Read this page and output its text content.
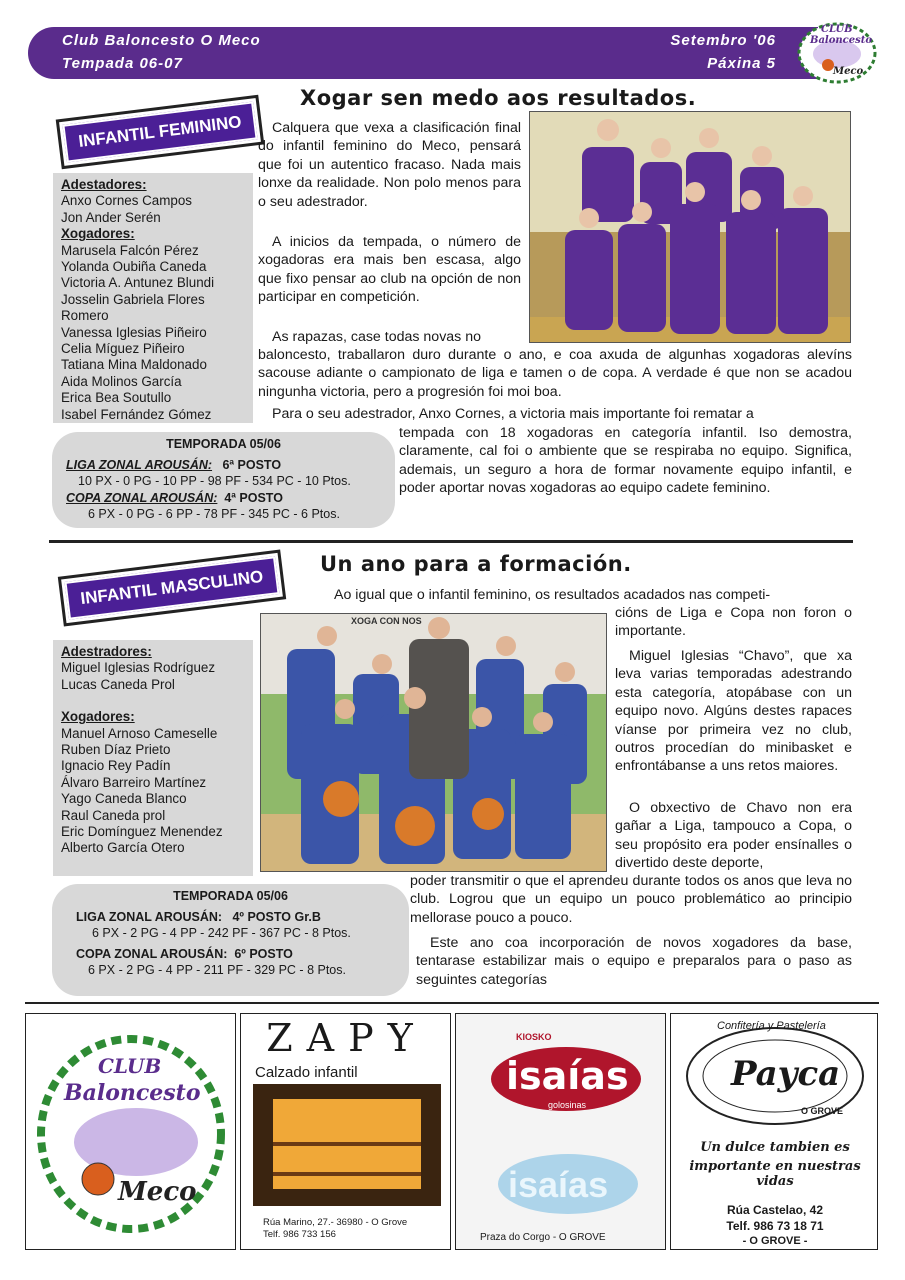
Club Baloncesto O Meco
Tempada 06-07
Setembro '06
Páxina 5
CLUB
Baloncesto
Meco
Xogar sen medo aos resultados.
INFANTIL FEMININO
Adestadores:
Anxo Cornes Campos
Jon Ander Serén
Xogadores:
Marusela Falcón Pérez
Yolanda Oubiña Caneda
Victoria A. Antunez Blundi
Josselin Gabriela Flores
Romero
Vanessa Iglesias Piñeiro
Celia Míguez Piñeiro
Tatiana Mina Maldonado
Aida Molinos García
Erica Bea Soutullo
Isabel Fernández Gómez
TEMPORADA 05/06
LIGA ZONAL AROUSÁN: 6ª POSTO
10 PX - 0 PG - 10 PP - 98 PF - 534 PC - 10 Ptos.
COPA ZONAL AROUSÁN: 4ª POSTO
6 PX - 0 PG - 6 PP - 78 PF - 345 PC - 6 Ptos.

Calquera que vexa a clasificación final do infantil feminino do Meco, pensará que foi un autentico fracaso. Nada mais lonxe da realidade. Non polo menos para o seu adestrador.

A inicios da tempada, o número de xogadoras era mais ben escasa, algo que fixo pensar ao club na opción de non participar en competición.

As rapazas, case todas novas no

baloncesto, traballaron duro durante o ano, e coa axuda de algunhas xogadoras alevíns sacouse adiante o campionato de liga e tamen o de copa. A verdade é que non se acadou ningunha victoria, pero a progresión foi moi boa.

Para o seu adestrador, Anxo Cornes, a victoria mais importante foi rematar a

tempada con 18 xogadoras en categoría infantil. Iso demostra, claramente, cal foi o ambiente que se respiraba no equipo. Significa, ademais, un seguro a hora de formar novamente equipo infantil, e poder aportar novas xogadoras ao equipo cadete feminino.
Un ano para a formación.
INFANTIL MASCULINO
Adestradores:
Miguel Iglesias Rodríguez
Lucas Caneda Prol
Xogadores:
Manuel Arnoso Cameselle
Ruben Díaz Prieto
Ignacio Rey Padín
Álvaro Barreiro Martínez
Yago Caneda Blanco
Raul Caneda prol
Eric Domínguez Menendez
Alberto García Otero
TEMPORADA 05/06
LIGA ZONAL AROUSÁN: 4º POSTO Gr.B
6 PX - 2 PG - 4 PP - 242 PF - 367 PC - 8 Ptos.
COPA ZONAL AROUSÁN: 6º POSTO
6 PX - 2 PG - 4 PP - 211 PF - 329 PC - 8 Ptos.
XOGA CON NOS
Ao igual que o infantil feminino, os resultados acadados nas competi-
cións de Liga e Copa non foron o importante.

Miguel Iglesias “Chavo”, que xa leva varias temporadas adestrando esta categoría, atopábase con un equipo novo. Algúns destes rapaces víanse por primeira vez no club, outros procedían do minibasket e enfrontábanse a uns retos maiores.

O obxectivo de Chavo non era gañar a Liga, tampouco a Copa, o seu propósito era poder ensínalles o divertido deste deporte,

poder transmitir o que el aprendeu durante todos os anos que leva no club. Logrou que un equipo un pouco problemático ao principio mellorase pouco a pouco.

Este ano coa incorporación de novos xogadores da base, tentarase estabilizar mais o equipo e preparalos para o paso as seguintes categorías

CLUB
Baloncesto
Meco
ZAPY
Calzado infantil
Rúa Marino, 27.- 36980 - O Grove
Telf. 986 733 156
KIOSKO
isaías
golosinas
isaías
Praza do Corgo - O GROVE
Confitería y Pastelería
Payca
O GROVE
Un dulce tambien es
importante en nuestras vidas
Rúa Castelao, 42
Telf. 986 73 18 71
- O GROVE -
